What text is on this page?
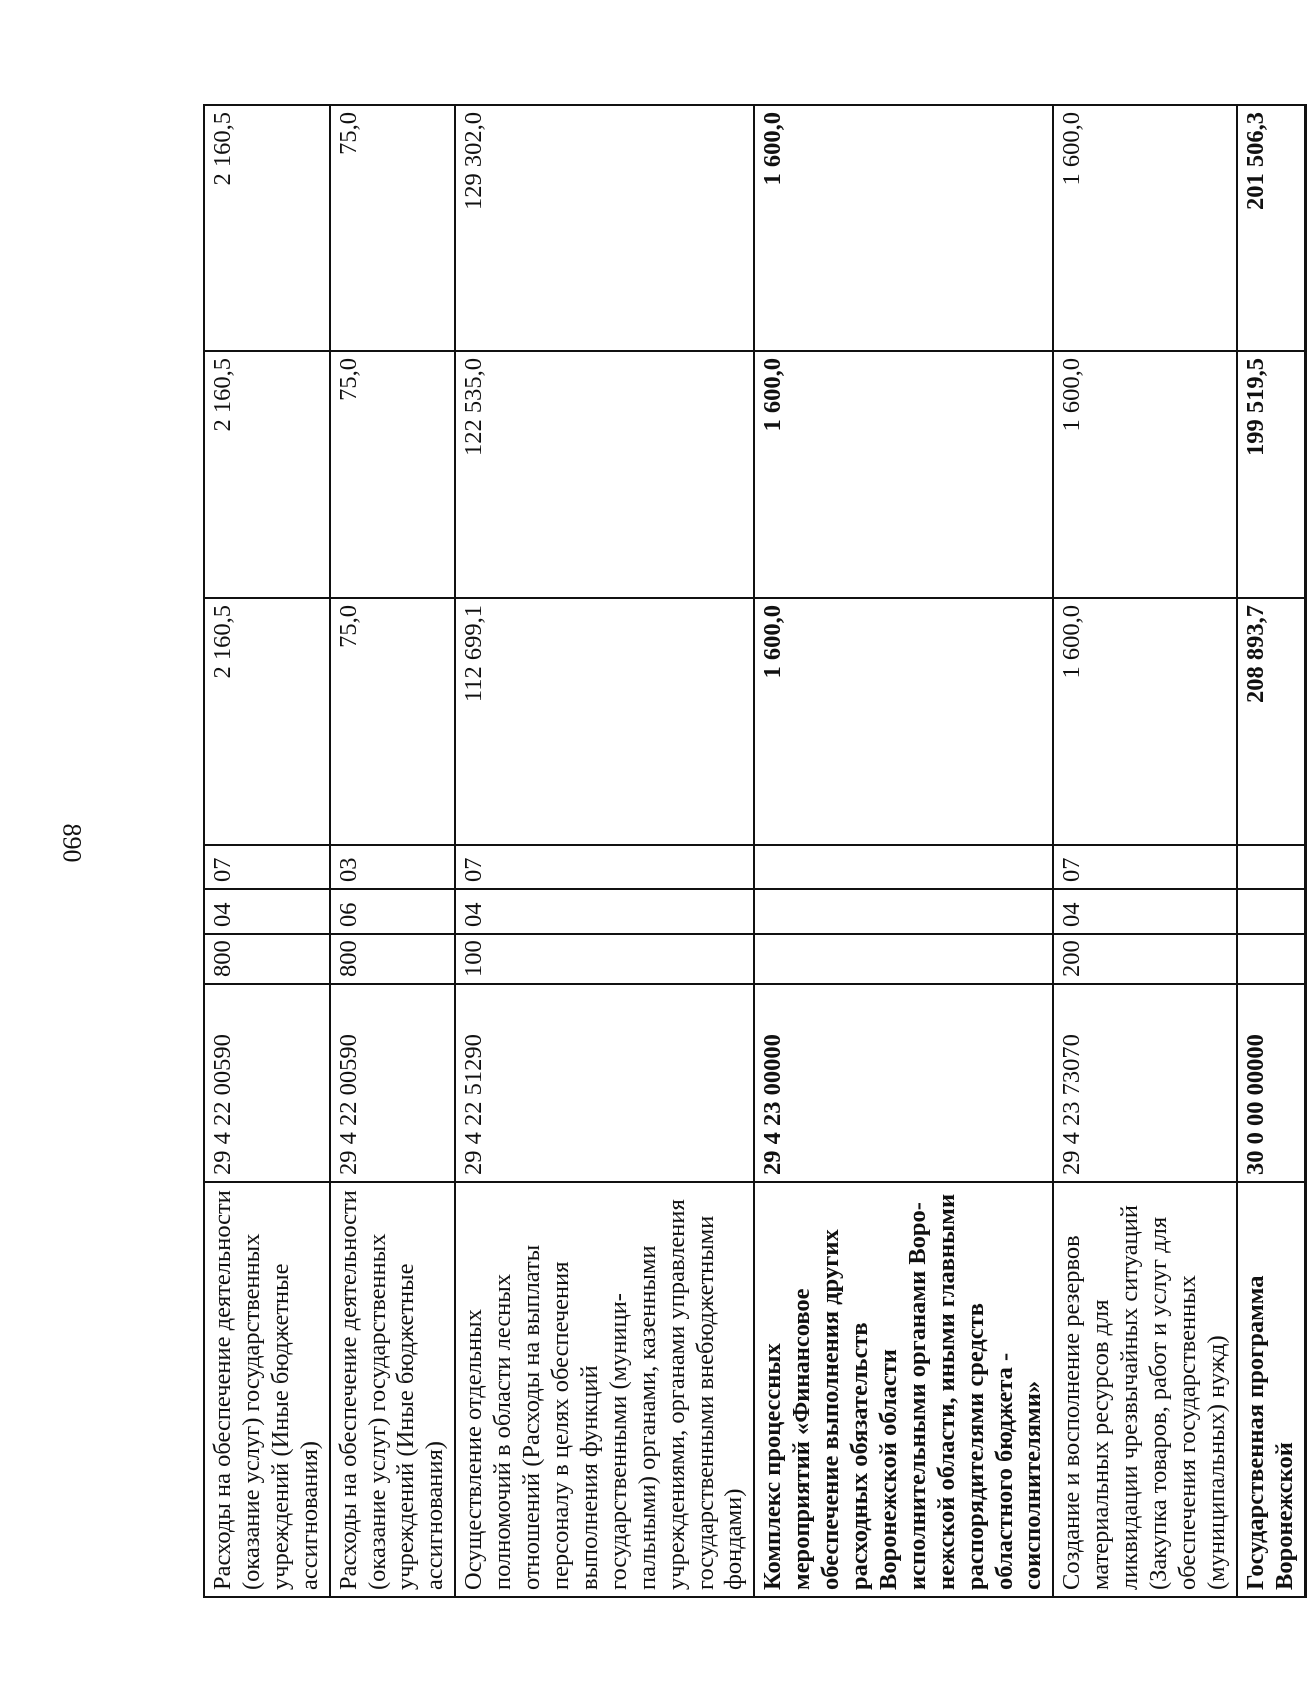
890
Расходы на обеспечение деятельности (оказание услуг) государственных учреждений (Иные бюджетные ассигнования)	29 4 22 00590	800	04	07	2 160,5	2 160,5	2 160,5
Расходы на обеспечение деятельности (оказание услуг) государственных учреждений (Иные бюджетные ассигнования)	29 4 22 00590	800	06	03	75,0	75,0	75,0
Осуществление отдельных полномочий в области лесных отношений (Расходы на выплаты персоналу в целях обеспечения выполнения функций государственными (муниципальными) органами, казенными учреждениями, органами управления государственными внебюджетными фондами)	29 4 22 51290	100	04	07	112 699,1	122 535,0	129 302,0
Комплекс процессных мероприятий «Финансовое обеспечение выполнения других расходных обязательств Воронежской области исполнительными органами Воронежской области, иными главными распорядителями средств областного бюджета - соисполнителями»	29 4 23 00000				1 600,0	1 600,0	1 600,0
Создание и восполнение резервов материальных ресурсов для ликвидации чрезвычайных ситуаций (Закупка товаров, работ и услуг для обеспечения государственных (муниципальных) нужд)	29 4 23 73070	200	04	07	1 600,0	1 600,0	1 600,0
Государственная программа Воронежской	30 0 00 00000				208 893,7	199 519,5	201 506,3
